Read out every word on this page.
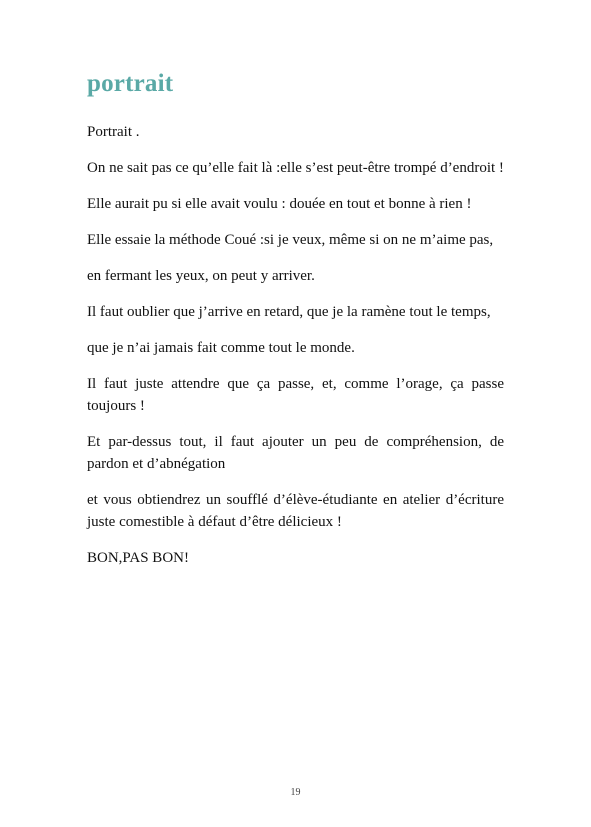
portrait

Portrait .

On ne sait pas ce qu’elle fait là :elle s’est peut-être trompé d’endroit !

Elle aurait pu si elle avait voulu : douée en tout et bonne à rien !

Elle essaie la méthode Coué :si je veux, même si on ne m’aime pas,

en fermant les yeux, on peut y arriver.

Il faut oublier que j’arrive en retard, que je la ramène tout le temps,

que je n’ai jamais fait comme tout le monde.

Il faut juste attendre que ça passe, et, comme l’orage, ça passe toujours !

Et par-dessus tout, il faut ajouter un peu de compréhension, de pardon et d’abnégation

et vous obtiendrez un soufflé d’élève-étudiante en atelier d’écriture juste comestible à défaut d’être délicieux !

BON,PAS BON!

19
